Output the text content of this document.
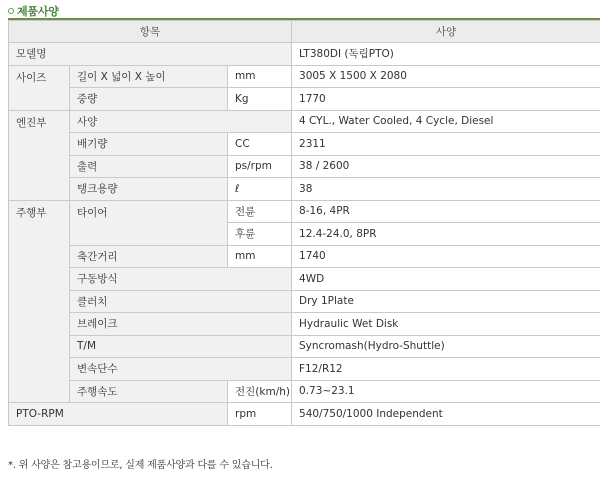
제품사양
항목			사양
모델명			LT380DI (독립PTO)
사이즈	길이 X 넓이 X 높이	mm	3005 X 1500 X 2080
	중량	Kg	1770
엔진부	사양		4 CYL., Water Cooled, 4 Cycle, Diesel
	배기량	CC	2311
	출력	ps/rpm	38 / 2600
	탱크용량	ℓ	38
주행부	타이어	전륜	8-16, 4PR
		후륜	12.4-24.0, 8PR
	축간거리	mm	1740
	구동방식		4WD
	클러치		Dry 1Plate
	브레이크		Hydraulic Wet Disk
	T/M		Syncromash(Hydro-Shuttle)
	변속단수		F12/R12
	주행속도	전진(km/h)	0.73~23.1
PTO-RPM		rpm	540/750/1000 Independent
*. 위 사양은 참고용이므로, 실제 제품사양과 다를 수 있습니다.
